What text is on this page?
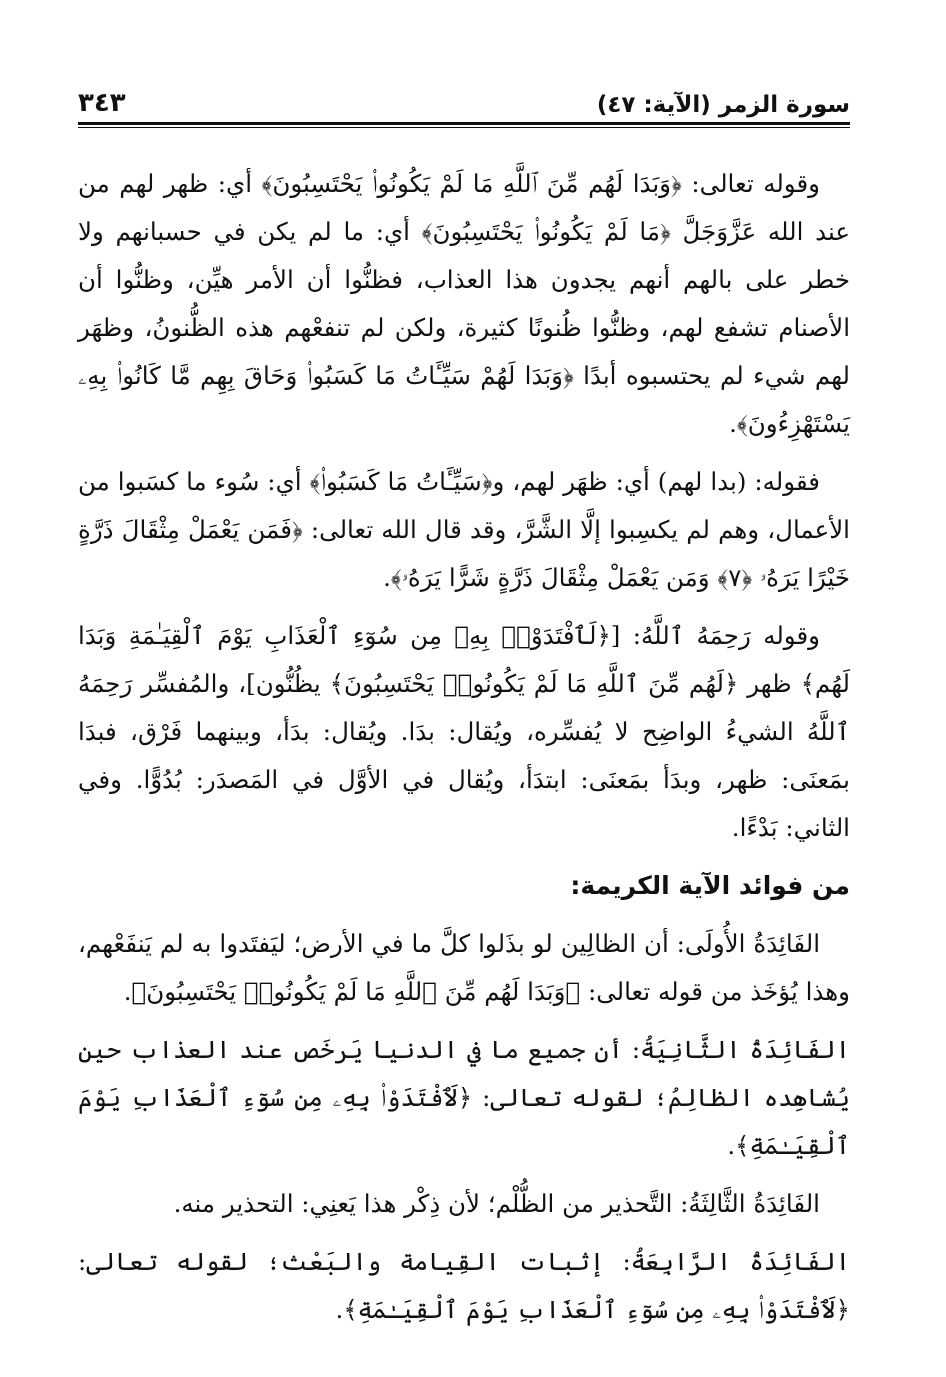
سورة الزمر (الآية: ٤٧)
٣٤٣

وقوله تعالى: ﴿وَبَدَا لَهُم مِّنَ ٱللَّهِ مَا لَمْ يَكُونُوا۟ يَحْتَسِبُونَ﴾ أي: ظهر لهم من عند الله عَزَّوَجَلَّ ﴿مَا لَمْ يَكُونُوا۟ يَحْتَسِبُونَ﴾ أي: ما لم يكن في حسبانهم ولا خطر على بالهم أنهم يجدون هذا العذاب، فظنُّوا أن الأمر هيِّن، وظنُّوا أن الأصنام تشفع لهم، وظنُّوا ظُنونًا كثيرة، ولكن لم تنفعْهم هذه الظُّنونُ، وظهَر لهم شيء لم يحتسبوه أبدًا ﴿وَبَدَا لَهُمْ سَيِّـَٔاتُ مَا كَسَبُوا۟ وَحَاقَ بِهِم مَّا كَانُوا۟ بِهِۦ يَسْتَهْزِءُونَ﴾.

فقوله: (بدا لهم) أي: ظهَر لهم، و﴿سَيِّـَٔاتُ مَا كَسَبُوا۟﴾ أي: سُوء ما كسَبوا من الأعمال، وهم لم يكسِبوا إلَّا الشَّرَّ، وقد قال الله تعالى: ﴿فَمَن يَعْمَلْ مِثْقَالَ ذَرَّةٍ خَيْرًا يَرَهُۥ ﴿٧﴾ وَمَن يَعْمَلْ مِثْقَالَ ذَرَّةٍ شَرًّا يَرَهُۥ﴾.

وقوله رَحِمَهُ ٱللَّهُ: [﴿لَٱفْتَدَوْا۟ بِهِۦ مِن سُوٓءِ ٱلْعَذَابِ يَوْمَ ٱلْقِيَـٰمَةِ وَبَدَا لَهُم﴾ ظهر ﴿لَهُم مِّنَ ٱللَّهِ مَا لَمْ يَكُونُوا۟ يَحْتَسِبُونَ﴾ يظُنُّون]، والمُفسِّر رَحِمَهُ ٱللَّهُ الشيءُ الواضِح لا يُفسِّره، ويُقال: بدَا. ويُقال: بدَأ، وبينهما فَرْق، فبدَا بمَعنَى: ظهر، وبدَأ بمَعنَى: ابتدَأ، ويُقال في الأوَّل في المَصدَر: بُدُوًّا. وفي الثاني: بَدْءًا.

من فوائد الآية الكريمة:

الفَائِدَةُ الأُولَى: أن الظالِين لو بذَلوا كلَّ ما في الأرض؛ ليَفتَدوا به لم يَنفَعْهم، وهذا يُؤخَذ من قوله تعالى: ﴿وَبَدَا لَهُم مِّنَ ٱللَّهِ مَا لَمْ يَكُونُوا۟ يَحْتَسِبُونَ﴾.

الفَائِدَةُ الثَّانِيَةُ: أن جميع ما في الدنيا يَرخَص عند العذاب حين يُشاهِده الظالِمُ؛ لقوله تعالى: ﴿لَٱفْتَدَوْا۟ بِهِۦ مِن سُوٓءِ ٱلْعَذَابِ يَوْمَ ٱلْقِيَـٰمَةِ﴾.

الفَائِدَةُ الثَّالِثَةُ: التَّحذير من الظُّلْم؛ لأن ذِكْر هذا يَعنِي: التحذير منه.

الفَائِدَةُ الرَّابِعَةُ: إثبات القِيامة والبَعْث؛ لقوله تعالى: ﴿لَٱفْتَدَوْا۟ بِهِۦ مِن سُوٓءِ ٱلْعَذَابِ يَوْمَ ٱلْقِيَـٰمَةِ﴾.
